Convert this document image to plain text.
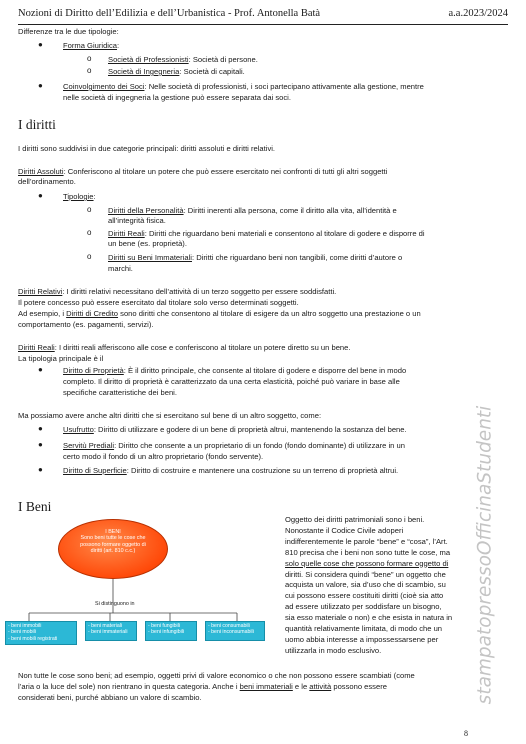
Nozioni di Diritto dell’Edilizia e dell’Urbanistica - Prof. Antonella Batà	a.a.2023/2024
Differenze tra le due tipologie:
●	Forma Giuridica:
o Società di Professionisti: Società di persone.
o Società di Ingegneria: Società di capitali.
●	Coinvolgimento dei Soci: Nelle società di professionisti, i soci partecipano attivamente alla gestione, mentre
nelle società di ingegneria la gestione può essere separata dai soci.
I diritti
I diritti sono suddivisi in due categorie principali: diritti assoluti e diritti relativi.
Diritti Assoluti: Conferiscono al titolare un potere che può essere esercitato nei confronti di tutti gli altri soggetti
dell’ordinamento.
●	Tipologie:
o Diritti della Personalità: Diritti inerenti alla persona, come il diritto alla vita, all’identità e
all’integrità fisica.
o Diritti Reali: Diritti che riguardano beni materiali e consentono al titolare di godere e disporre di
un bene (es. proprietà).
o Diritti su Beni Immateriali: Diritti che riguardano beni non tangibili, come diritti d’autore o
marchi.
Diritti Relativi: I diritti relativi necessitano dell’attività di un terzo soggetto per essere soddisfatti.
Il potere concesso può essere esercitato dal titolare solo verso determinati soggetti.
Ad esempio, i Diritti di Credito sono diritti che consentono al titolare di esigere da un altro soggetto una prestazione o un
comportamento (es. pagamenti, servizi).
Diritti Reali: I diritti reali afferiscono alle cose e conferiscono al titolare un potere diretto su un bene.
La tipologia principale è il
●	Diritto di Proprietà: È il diritto principale, che consente al titolare di godere e disporre del bene in modo
completo. Il diritto di proprietà è caratterizzato da una certa elasticità, poiché può variare in base alle
specifiche caratteristiche dei beni.
Ma possiamo avere anche altri diritti che si esercitano sul bene di un altro soggetto, come:
●	Usufrutto: Diritto di utilizzare e godere di un bene di proprietà altrui, mantenendo la sostanza del bene.
●	Servitù Prediali: Diritto che consente a un proprietario di un fondo (fondo dominante) di utilizzare in un
certo modo il fondo di un altro proprietario (fondo servente).
●	Diritto di Superficie: Diritto di costruire e mantenere una costruzione su un terreno di proprietà altrui.
I Beni
I BENI
Sono beni tutte le cose che
possono formare oggetto di
diritti (art. 810 c.c.)
Si distinguono in
- beni immobili
- beni mobili
- beni mobili registrati
- beni materiali
- beni immateriali
- beni fungibili
- beni infungibili
- beni consumabili
- beni inconsumabili
Oggetto dei diritti patrimoniali sono i beni.
Nonostante il Codice Civile adoperi
indifferentemente le parole “bene” e “cosa”, l’Art.
810 precisa che i beni non sono tutte le cose, ma
solo quelle cose che possono formare oggetto di
diritti. Si considera quindi “bene” un oggetto che
acquista un valore, sia d’uso che di scambio, su
cui possono essere costituiti diritti (cioè sia atto
ad essere utilizzato per soddisfare un bisogno,
sia esso materiale o non) e che esista in natura in
quantità relativamente limitata, di modo che un
uomo abbia interesse a impossessarsene per
utilizzarla in modo esclusivo.
Non tutte le cose sono beni; ad esempio, oggetti privi di valore economico o che non possono essere scambiati (come
l’aria o la luce del sole) non rientrano in questa categoria. Anche i beni immateriali e le attività possono essere
considerati beni, purché abbiano un valore di scambio.	stampatopressoOfficinaStudenti
8
